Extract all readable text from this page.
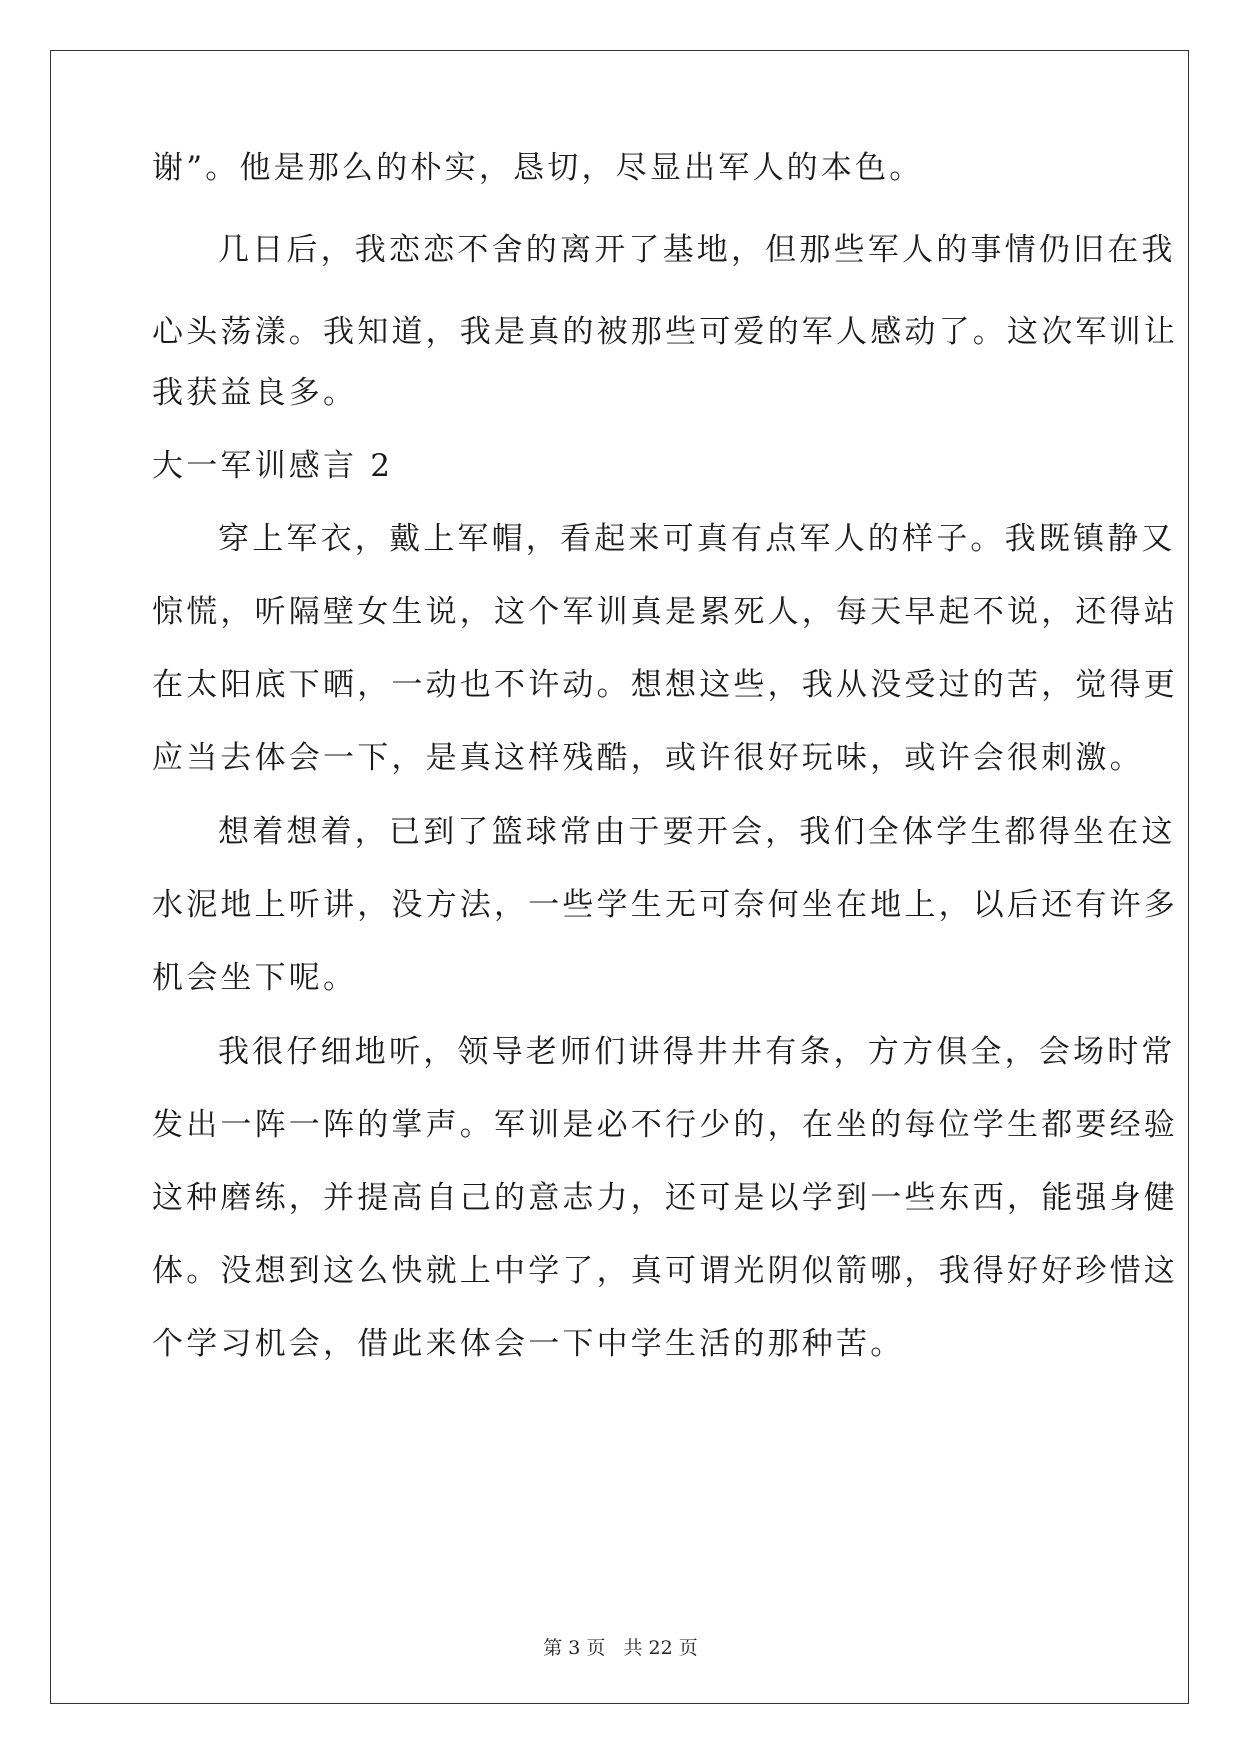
谢”。他是那么的朴实，恳切，尽显出军人的本色。
几日后，我恋恋不舍的离开了基地，但那些军人的事情仍旧在我
心头荡漾。我知道，我是真的被那些可爱的军人感动了。这次军训让
我获益良多。
大一军训感言 2
穿上军衣，戴上军帽，看起来可真有点军人的样子。我既镇静又
惊慌，听隔壁女生说，这个军训真是累死人，每天早起不说，还得站
在太阳底下晒，一动也不许动。想想这些，我从没受过的苦，觉得更
应当去体会一下，是真这样残酷，或许很好玩味，或许会很刺激。
想着想着，已到了篮球常由于要开会，我们全体学生都得坐在这
水泥地上听讲，没方法，一些学生无可奈何坐在地上，以后还有许多
机会坐下呢。
我很仔细地听，领导老师们讲得井井有条，方方俱全，会场时常
发出一阵一阵的掌声。军训是必不行少的，在坐的每位学生都要经验
这种磨练，并提高自己的意志力，还可是以学到一些东西，能强身健
体。没想到这么快就上中学了，真可谓光阴似箭哪，我得好好珍惜这
个学习机会，借此来体会一下中学生活的那种苦。
第 3 页 共 22 页
